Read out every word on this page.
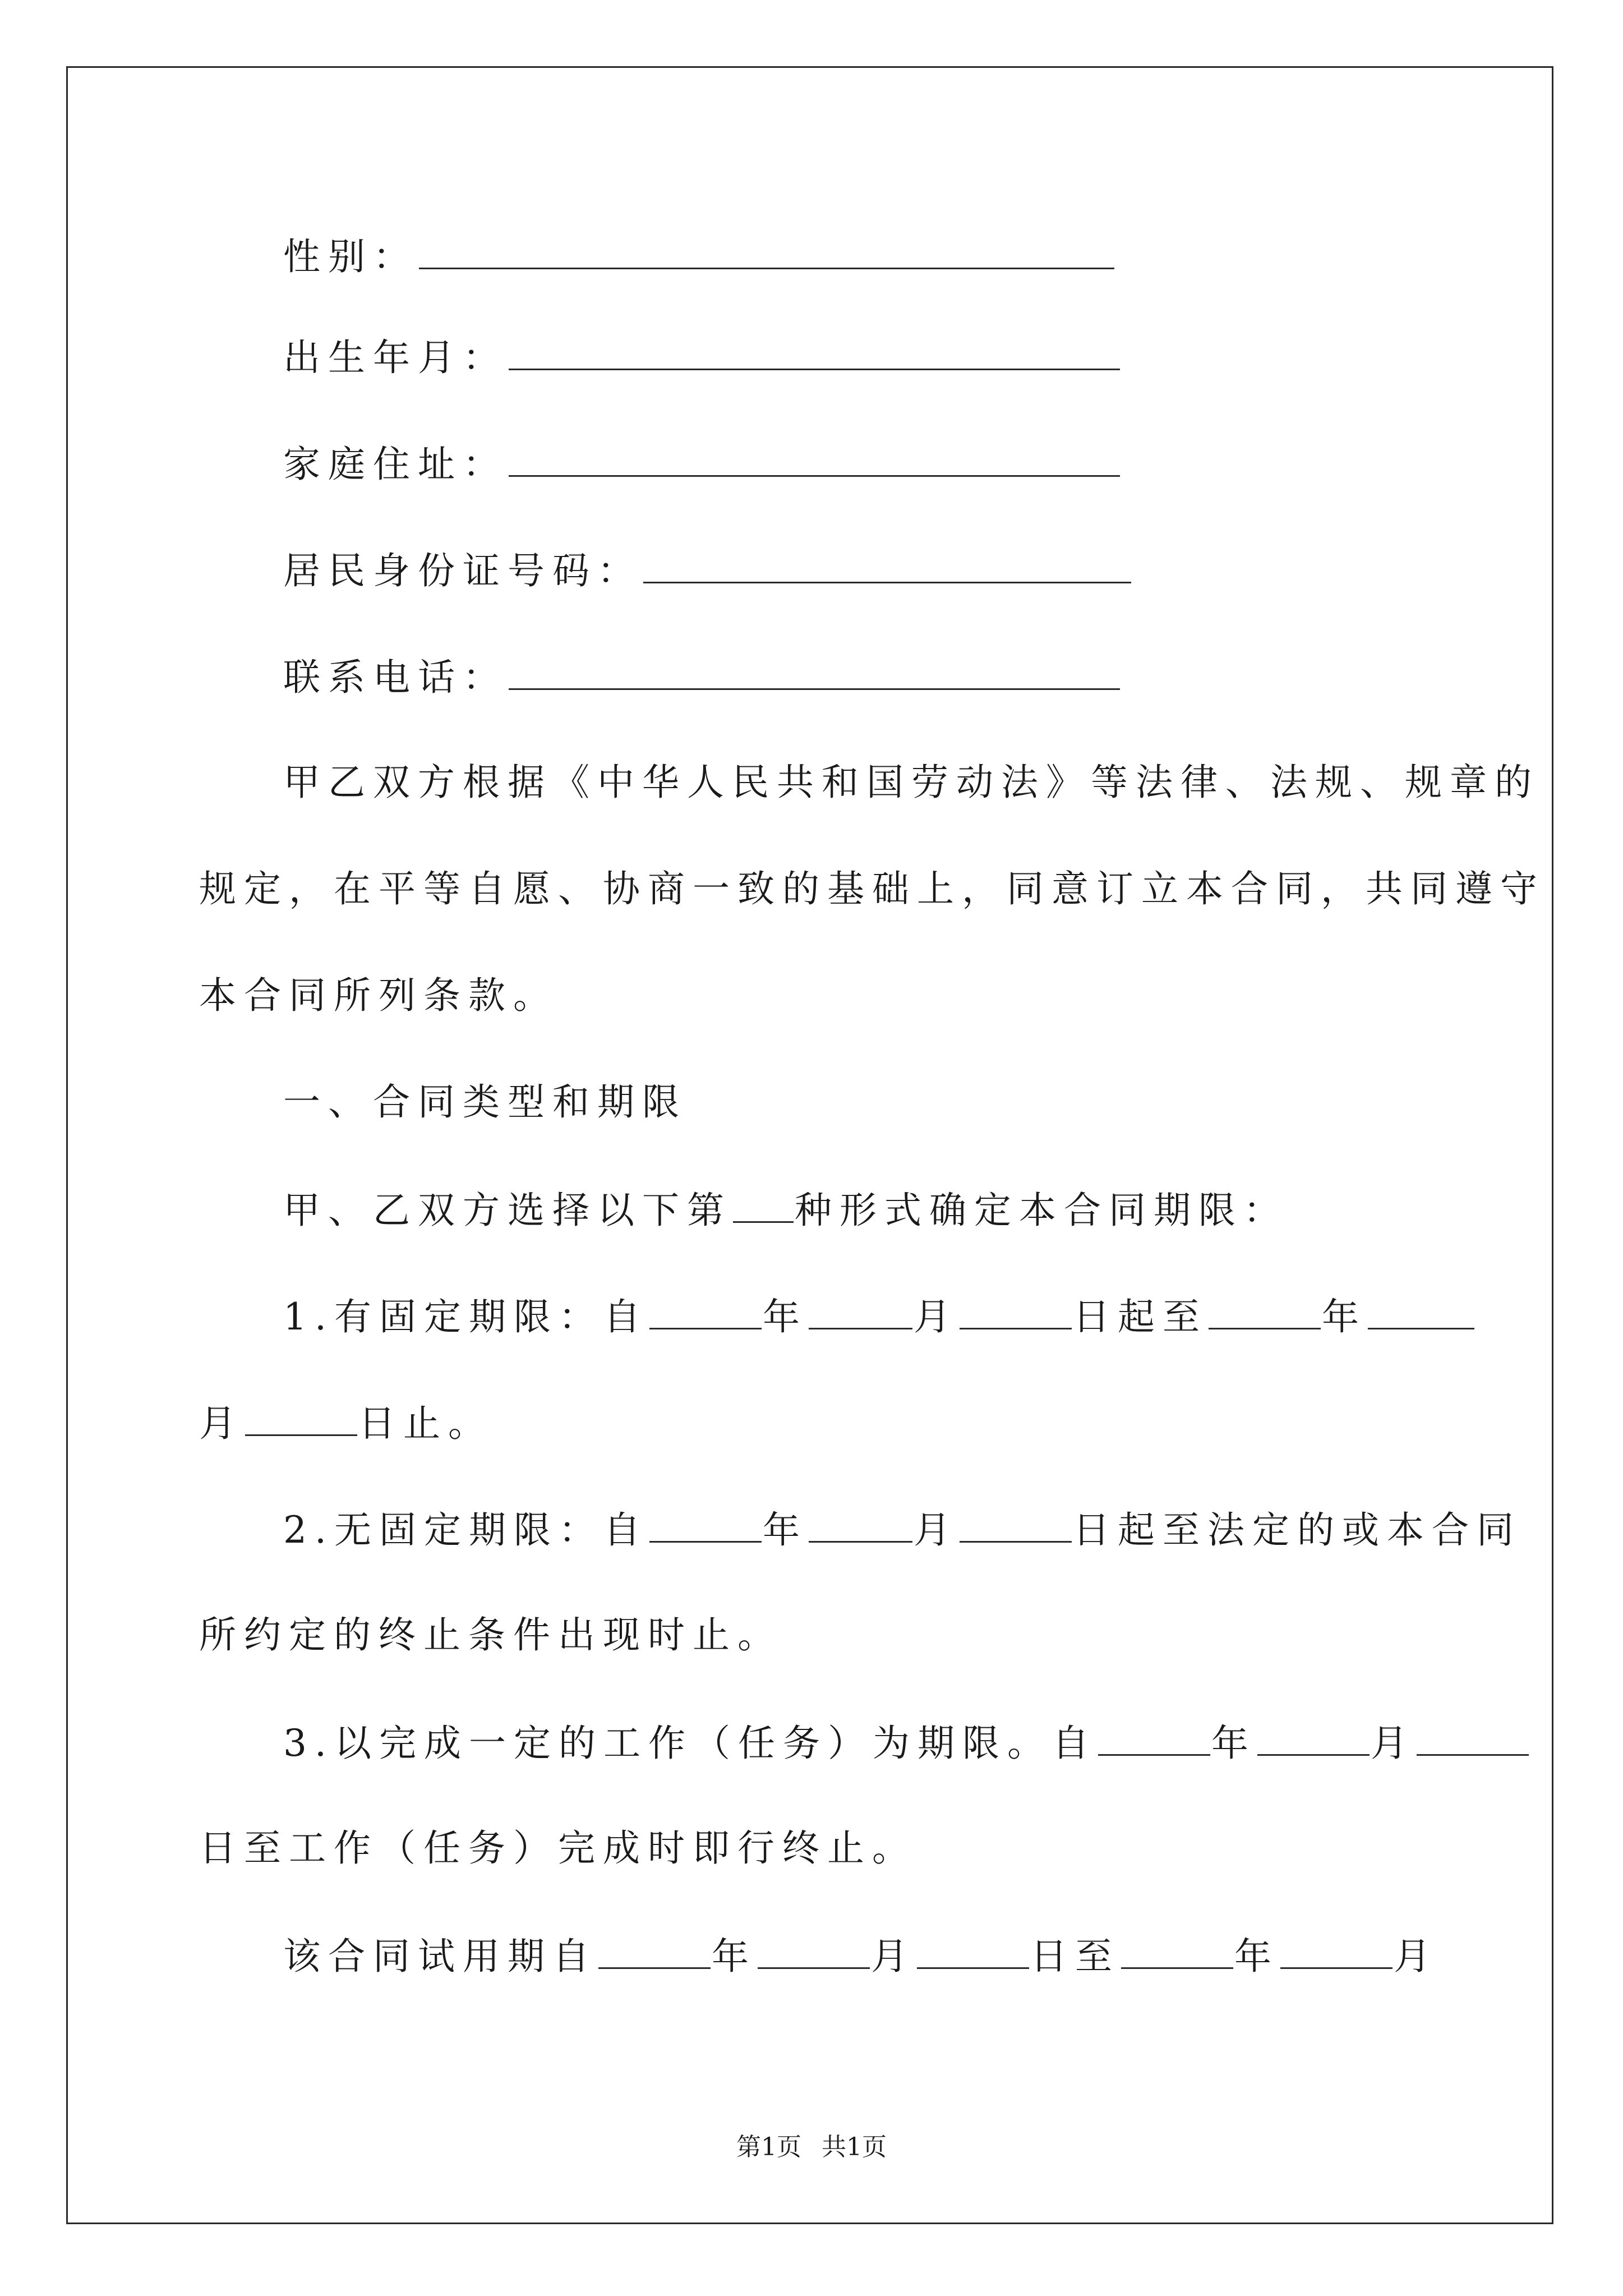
性别：
出生年月：
家庭住址：
居民身份证号码：
联系电话：
甲乙双方根据《中华人民共和国劳动法》等法律、法规、规章的
规定，在平等自愿、协商一致的基础上，同意订立本合同，共同遵守
本合同所列条款。
一、合同类型和期限
甲、乙双方选择以下第 种形式确定本合同期限：
1.有固定期限：自	年	月	日起至	年
月	日止。
2.无固定期限：自	年	月	日起至法定的或本合同
所约定的终止条件出现时止。
3.以完成一定的工作（任务）为期限。自	年	月
日至工作（任务）完成时即行终止。
该合同试用期自	年	月	日至	年	月
第1页 共1页
